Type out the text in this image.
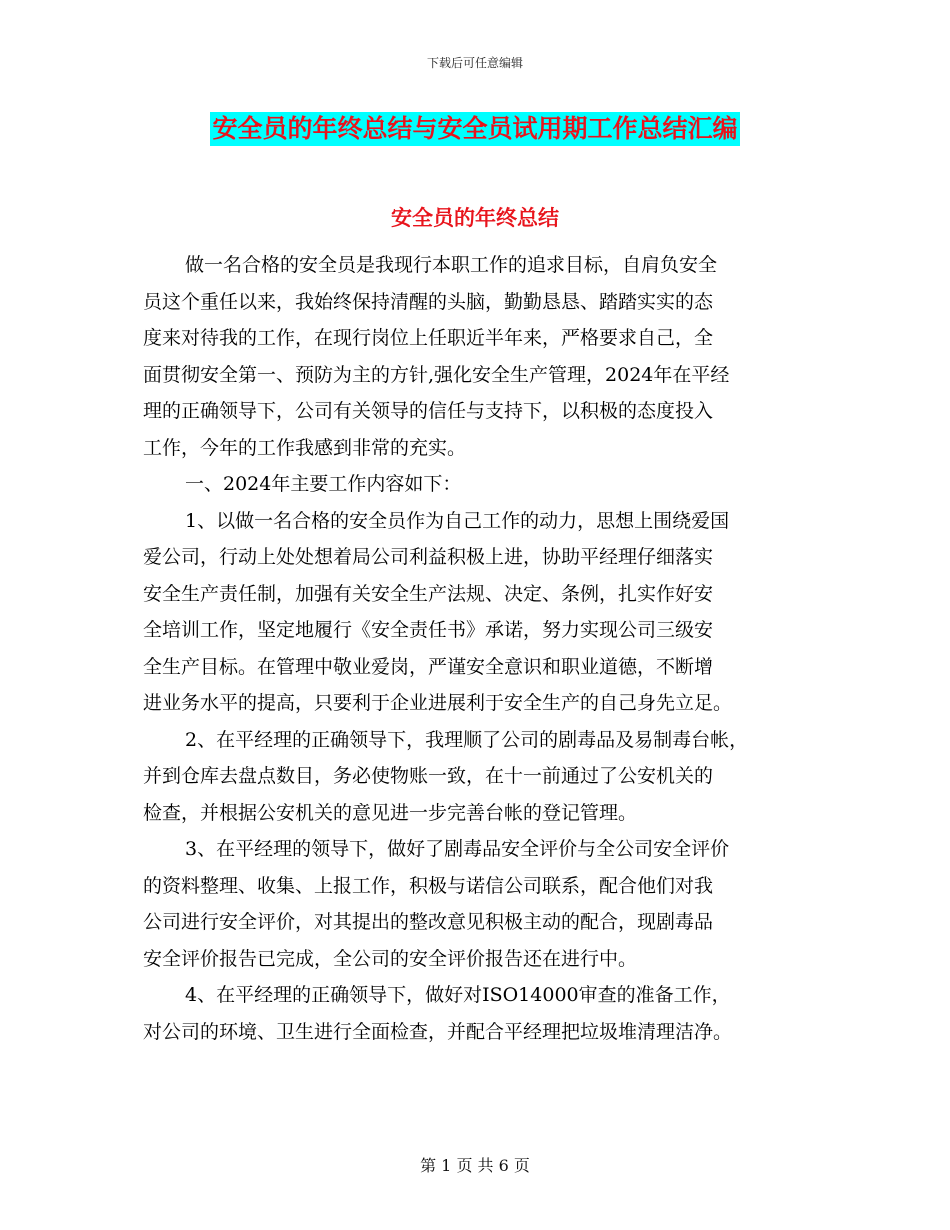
下载后可任意编辑
安全员的年终总结与安全员试用期工作总结汇编
安全员的年终总结
做一名合格的安全员是我现行本职工作的追求目标，自肩负安全
员这个重任以来，我始终保持清醒的头脑，勤勤恳恳、踏踏实实的态
度来对待我的工作，在现行岗位上任职近半年来，严格要求自己，全
面贯彻安全第一、预防为主的方针,强化安全生产管理，2024年在平经
理的正确领导下，公司有关领导的信任与支持下，以积极的态度投入
工作，今年的工作我感到非常的充实。
一、2024年主要工作内容如下：
1、以做一名合格的安全员作为自己工作的动力，思想上围绕爱国
爱公司，行动上处处想着局公司利益积极上进，协助平经理仔细落实
安全生产责任制，加强有关安全生产法规、决定、条例，扎实作好安
全培训工作，坚定地履行《安全责任书》承诺，努力实现公司三级安
全生产目标。在管理中敬业爱岗，严谨安全意识和职业道德，不断增
进业务水平的提高，只要利于企业进展利于安全生产的自己身先立足。
2、在平经理的正确领导下，我理顺了公司的剧毒品及易制毒台帐，
并到仓库去盘点数目，务必使物账一致，在十一前通过了公安机关的
检查，并根据公安机关的意见进一步完善台帐的登记管理。
3、在平经理的领导下，做好了剧毒品安全评价与全公司安全评价
的资料整理、收集、上报工作，积极与诺信公司联系，配合他们对我
公司进行安全评价，对其提出的整改意见积极主动的配合，现剧毒品
安全评价报告已完成，全公司的安全评价报告还在进行中。
4、在平经理的正确领导下，做好对ISO14000审查的准备工作，
对公司的环境、卫生进行全面检查，并配合平经理把垃圾堆清理洁净。
第 1 页 共 6 页
